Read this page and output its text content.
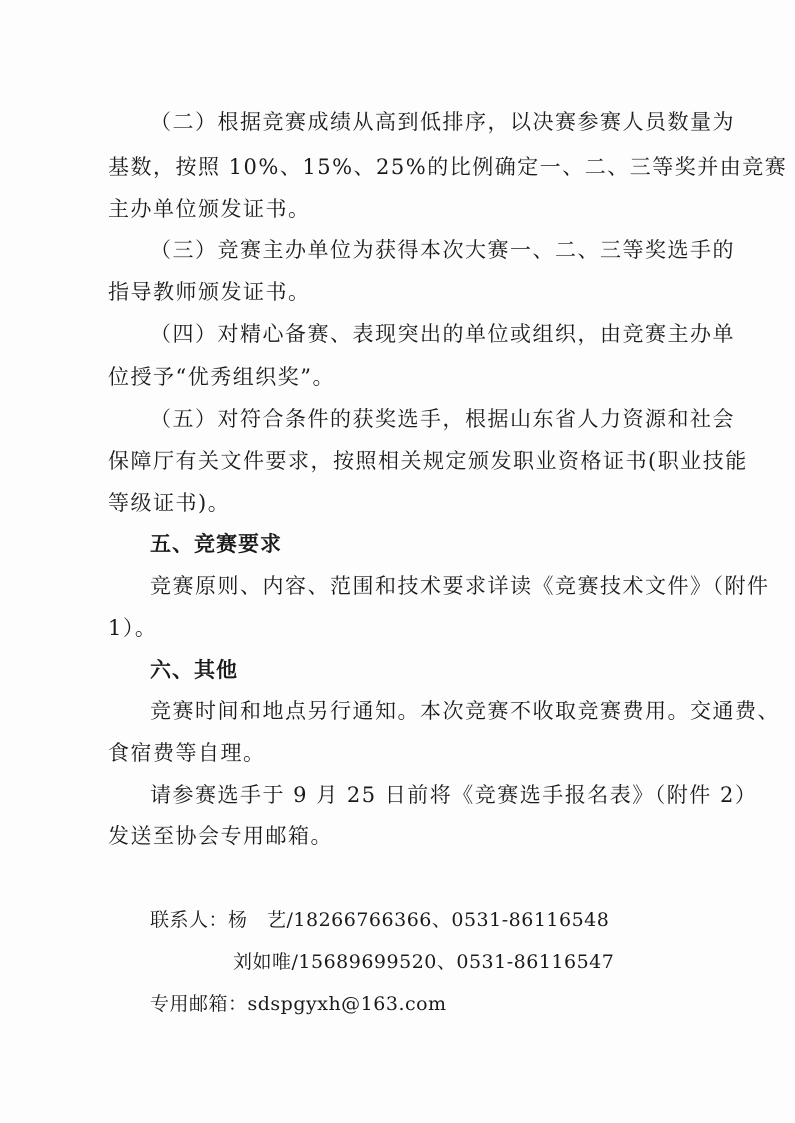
（二）根据竞赛成绩从高到低排序，以决赛参赛人员数量为
基数，按照 10%、15%、25%的比例确定一、二、三等奖并由竞赛
主办单位颁发证书。
（三）竞赛主办单位为获得本次大赛一、二、三等奖选手的
指导教师颁发证书。
（四）对精心备赛、表现突出的单位或组织，由竞赛主办单
位授予“优秀组织奖”。
（五）对符合条件的获奖选手，根据山东省人力资源和社会
保障厅有关文件要求，按照相关规定颁发职业资格证书(职业技能
等级证书)。
五、竞赛要求
竞赛原则、内容、范围和技术要求详读《竞赛技术文件》（附件
1）。
六、其他
竞赛时间和地点另行通知。本次竞赛不收取竞赛费用。交通费、
食宿费等自理。
请参赛选手于 9 月 25 日前将《竞赛选手报名表》（附件 2）
发送至协会专用邮箱。
联系人：杨　艺/18266766366、0531-86116548
刘如唯/15689699520、0531-86116547
专用邮箱：sdspgyxh@163.com
